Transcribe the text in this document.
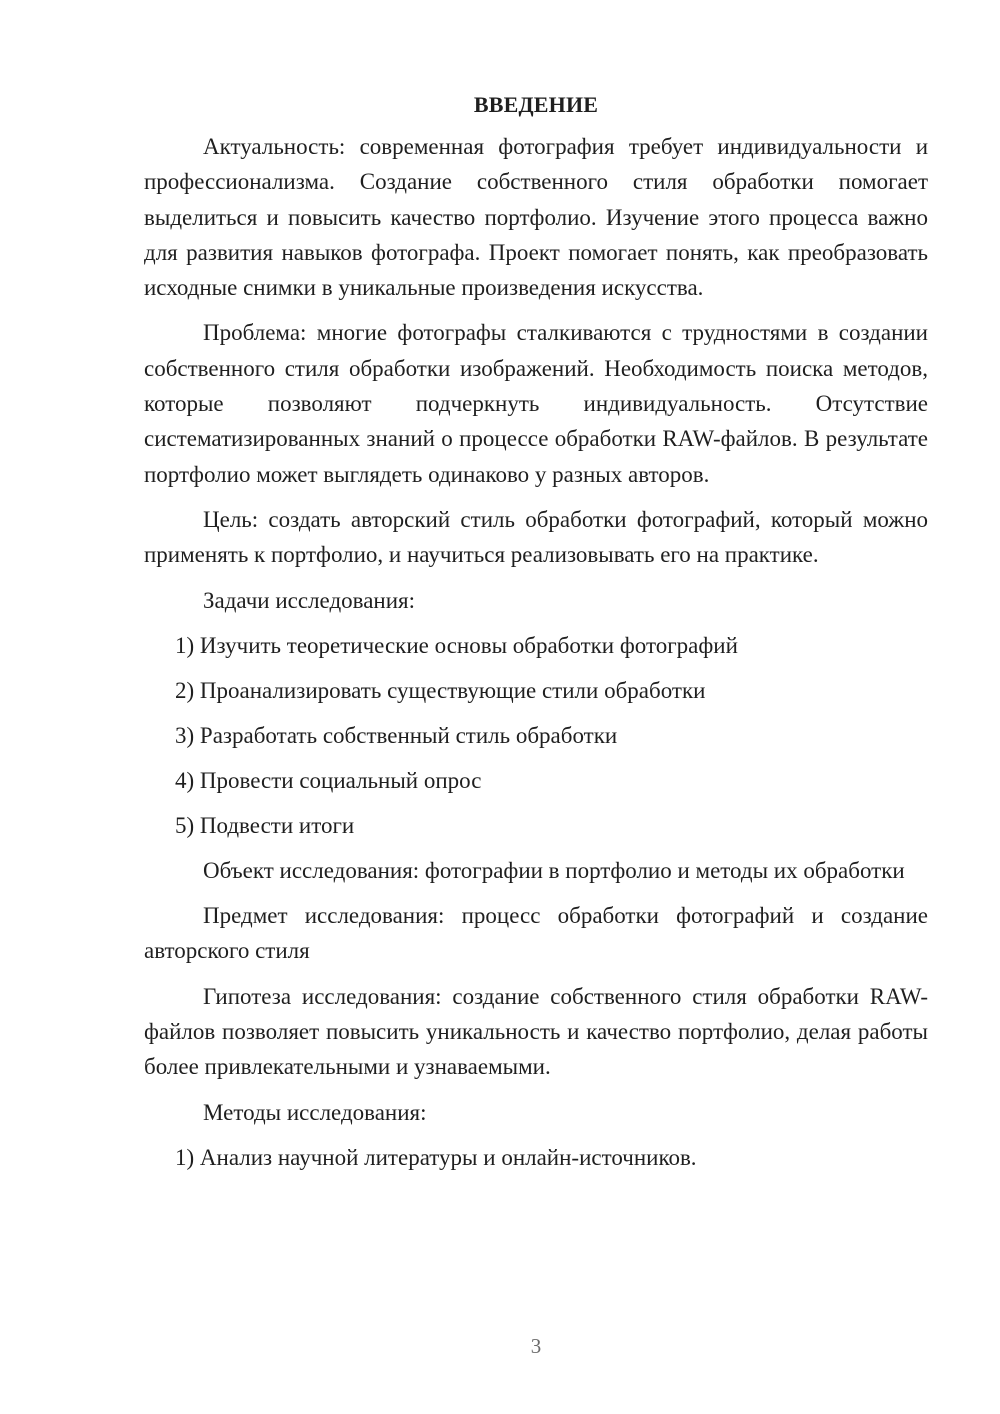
ВВЕДЕНИЕ

Актуальность: современная фотография требует индивидуальности и профессионализма. Создание собственного стиля обработки помогает выделиться и повысить качество портфолио. Изучение этого процесса важно для развития навыков фотографа. Проект помогает понять, как преобразовать исходные снимки в уникальные произведения искусства.

Проблема: многие фотографы сталкиваются с трудностями в создании собственного стиля обработки изображений. Необходимость поиска методов, которые позволяют подчеркнуть индивидуальность. Отсутствие систематизированных знаний о процессе обработки RAW-файлов. В результате портфолио может выглядеть одинаково у разных авторов.

Цель: создать авторский стиль обработки фотографий, который можно применять к портфолио, и научиться реализовывать его на практике.

Задачи исследования:

1) Изучить теоретические основы обработки фотографий
2) Проанализировать существующие стили обработки
3) Разработать собственный стиль обработки
4) Провести социальный опрос
5) Подвести итоги

Объект исследования: фотографии в портфолио и методы их обработки

Предмет исследования: процесс обработки фотографий и создание авторского стиля

Гипотеза исследования: создание собственного стиля обработки RAW-файлов позволяет повысить уникальность и качество портфолио, делая работы более привлекательными и узнаваемыми.

Методы исследования:

1) Анализ научной литературы и онлайн-источников.
3
